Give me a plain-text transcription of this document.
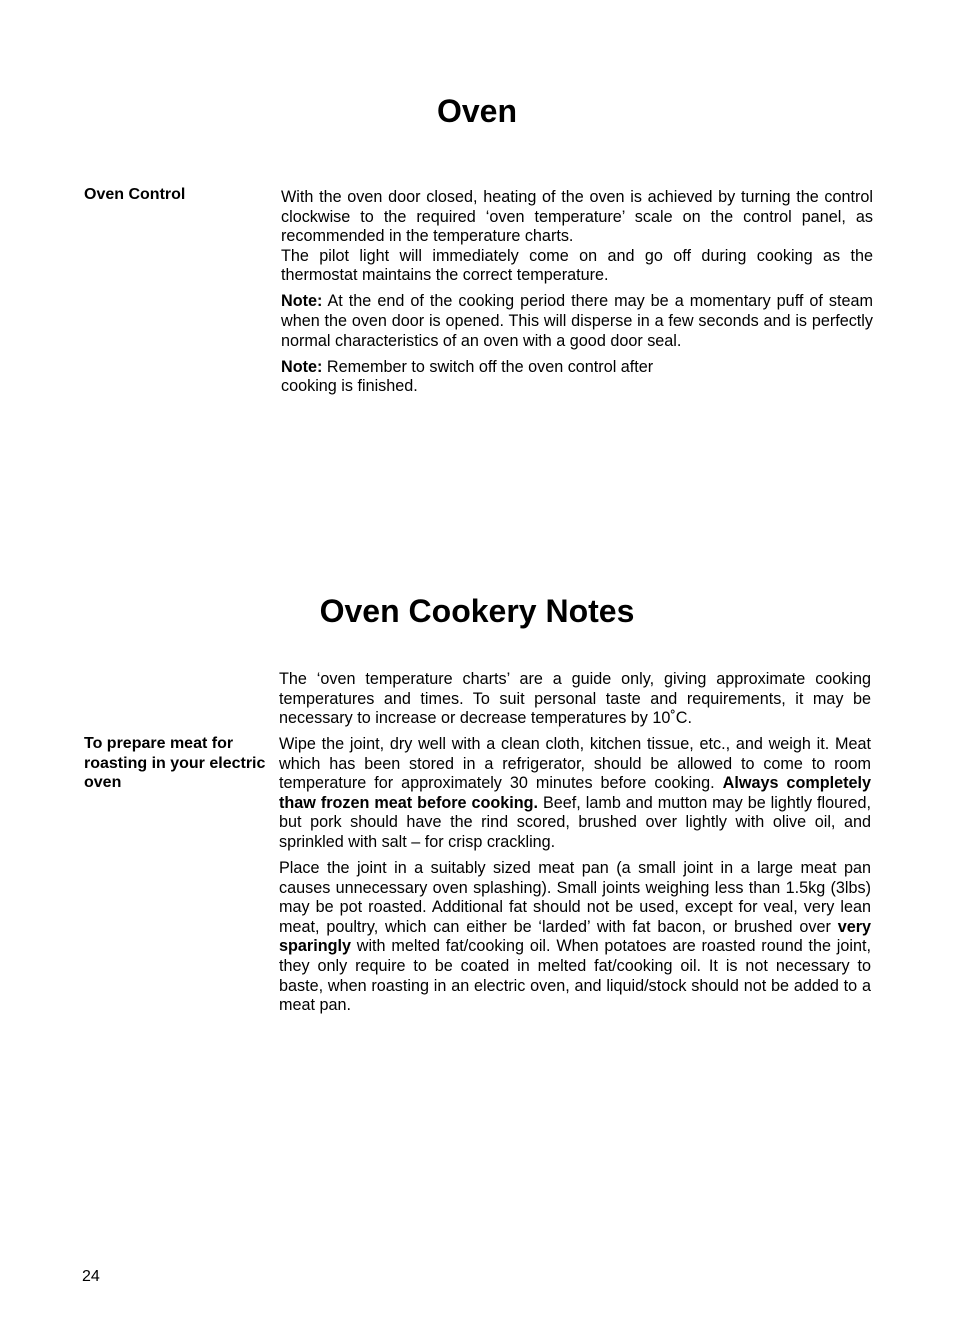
Oven
Oven Control	With the oven door closed, heating of the oven is achieved by turning the control clockwise to the required ‘oven temperature’ scale on the control panel, as recommended in the temperature charts.
The pilot light will immediately come on and go off during cooking as the thermostat maintains the correct temperature.

Note: At the end of the cooking period there may be a momentary puff of steam when the oven door is opened. This will disperse in a few seconds and is perfectly normal characteristics of an oven with a good door seal.

Note: Remember to switch off the oven control after
cooking is finished.

Oven Cookery Notes

The ‘oven temperature charts’ are a guide only, giving approximate cooking temperatures and times. To suit personal taste and requirements, it may be necessary to increase or decrease temperatures by 10˚C.

To prepare meat for roasting in your electric oven

Wipe the joint, dry well with a clean cloth, kitchen tissue, etc., and weigh it. Meat which has been stored in a refrigerator, should be allowed to come to room temperature for approximately 30 minutes before cooking. Always completely thaw frozen meat before cooking. Beef, lamb and mutton may be lightly floured, but pork should have the rind scored, brushed over lightly with olive oil, and sprinkled with salt – for crisp crackling.

Place the joint in a suitably sized meat pan (a small joint in a large meat pan causes unnecessary oven splashing). Small joints weighing less than 1.5kg (3lbs) may be pot roasted. Additional fat should not be used, except for veal, very lean meat, poultry, which can either be ‘larded’ with fat bacon, or brushed over very sparingly with melted fat/cooking oil. When potatoes are roasted round the joint, they only require to be coated in melted fat/cooking oil. It is not necessary to baste, when roasting in an electric oven, and liquid/stock should not be added to a meat pan.

24
